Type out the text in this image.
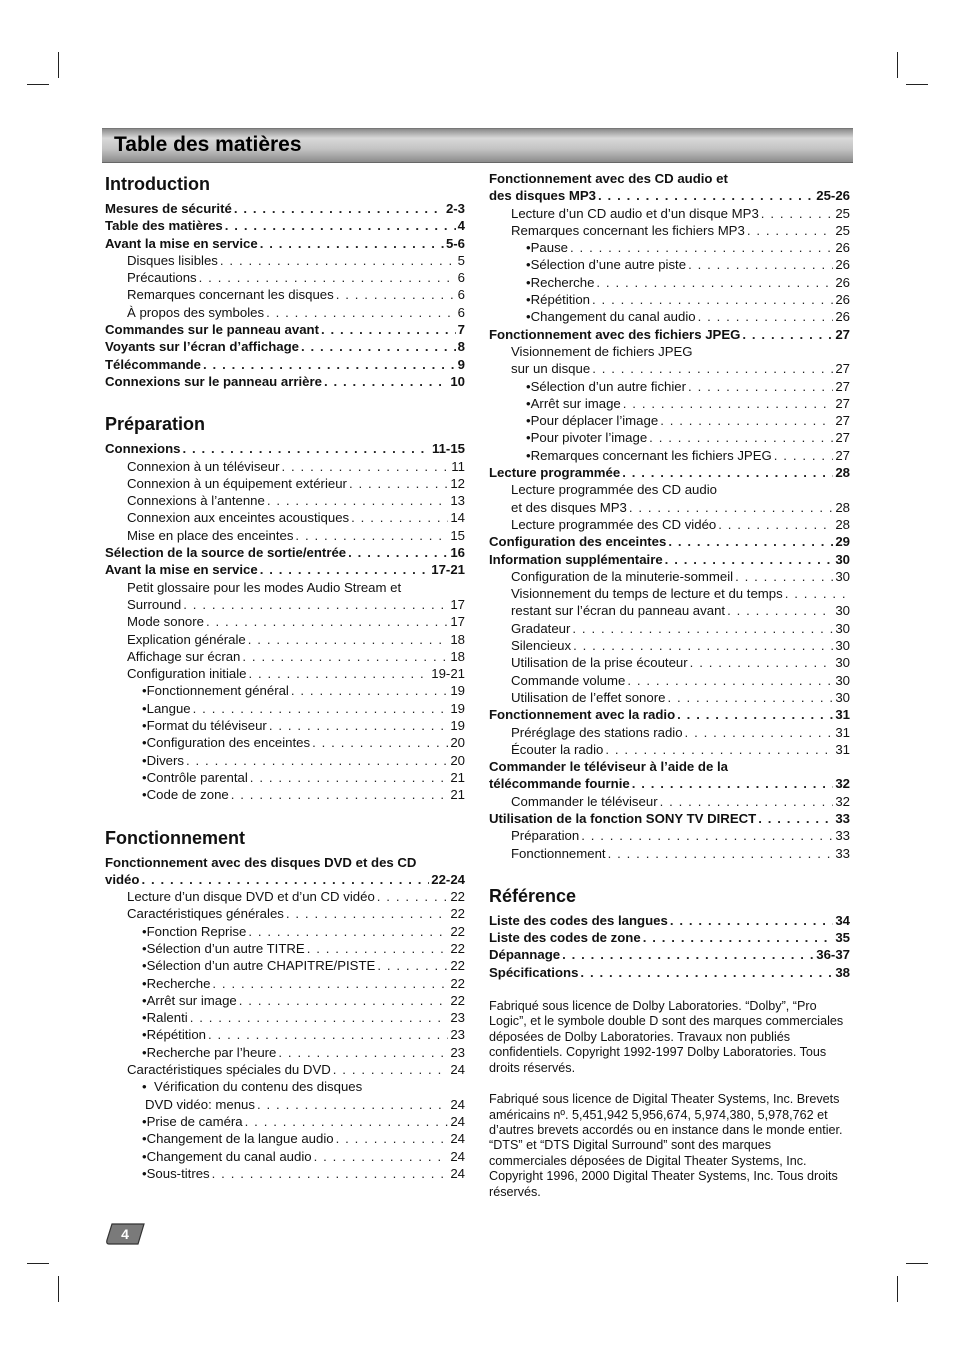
Table des matières
Introduction
Mesures de sécurité . . .	2-3
Table des matières . . .	4
Avant la mise en service . . .	5-6
Disques lisibles . . .	5
Précautions . . .	6
Remarques concernant les disques . . .	6
À propos des symboles . . .	6
Commandes sur le panneau avant . . .	7
Voyants sur l’écran d’affichage . . .	8
Télécommande . . .	9
Connexions sur le panneau arrière . . .	10
Préparation
Connexions . . .	11-15
Connexion à un téléviseur . . .	11
Connexion à un équipement extérieur . . .	12
Connexions à l’antenne . . .	13
Connexion aux enceintes acoustiques . . .	14
Mise en place des enceintes . . .	15
Sélection de la source de sortie/entrée . . .	16
Avant la mise en service . . .	17-21
Petit glossaire pour les modes Audio Stream et
Surround . . .	17
Mode sonore . . .	17
Explication générale . . .	18
Affichage sur écran . . .	18
Configuration initiale . . .	19-21
• Fonctionnement général . . .	19
• Langue . . .	19
• Format du téléviseur . . .	19
• Configuration des enceintes . . .	20
• Divers . . .	20
• Contrôle parental . . .	21
• Code de zone . . .	21
Fonctionnement
Fonctionnement avec des disques DVD et des CD
vidéo . . .	22-24
Lecture d’un disque DVD et d’un CD vidéo . . .	22
Caractéristiques générales . . .	22
• Fonction Reprise . . .	22
• Sélection d’un autre TITRE . . .	22
• Sélection d’un autre CHAPITRE/PISTE . . .	22
• Recherche . . .	22
• Arrêt sur image . . .	22
• Ralenti . . .	23
• Répétition . . .	23
• Recherche par l’heure . . .	23
Caractéristiques spéciales du DVD . . .	24
• Vérification du contenu des disques
DVD vidéo: menus . . .	24
• Prise de caméra . . .	24
• Changement de la langue audio . . .	24
• Changement du canal audio . . .	24
• Sous-titres . . .	24
Fonctionnement avec des CD audio et
des disques MP3 . . .	25-26
Lecture d’un CD audio et d’un disque MP3 . . .	25
Remarques concernant les fichiers MP3 . . .	25
• Pause . . .	26
• Sélection d’une autre piste . . .	26
• Recherche . . .	26
• Répétition . . .	26
• Changement du canal audio . . .	26
Fonctionnement avec des fichiers JPEG . . .	27
Visionnement de fichiers JPEG
sur un disque . . .	27
• Sélection d’un autre fichier . . .	27
• Arrêt sur image . . .	27
• Pour déplacer l’image . . .	27
• Pour pivoter l’image . . .	27
• Remarques concernant les fichiers JPEG . . .	27
Lecture programmée . . .	28
Lecture programmée des CD audio
et des disques MP3 . . .	28
Lecture programmée des CD vidéo . . .	28
Configuration des enceintes . . .	29
Information supplémentaire . . .	30
Configuration de la minuterie-sommeil . . .	30
Visionnement du temps de lecture et du temps
. . .
restant sur l’écran du panneau avant . . .	30
Gradateur . . .	30
Silencieux . . .	30
Utilisation de la prise écouteur . . .	30
Commande volume . . .	30
Utilisation de l’effet sonore . . .	30
Fonctionnement avec la radio . . .	31
Préréglage des stations radio . . .	31
Écouter la radio . . .	31
Commander le téléviseur à l’aide de la
télécommande fournie . . .	32
Commander le téléviseur . . .	32
Utilisation de la fonction SONY TV DIRECT . . .	33
Préparation . . .	33
Fonctionnement . . .	33
Référence
Liste des codes des langues . . .	34
Liste des codes de zone . . .	35
Dépannage . . .	36-37
Spécifications . . .	38

Fabriqué sous licence de Dolby Laboratories. “Dolby”, “Pro Logic”, et le symbole double D sont des marques commerciales déposées de Dolby Laboratories. Travaux non publiés confidentiels. Copyright 1992-1997 Dolby Laboratories. Tous droits réservés.

Fabriqué sous licence de Digital Theater Systems, Inc. Brevets américains nº. 5,451,942 5,956,674, 5,974,380, 5,978,762 et d’autres brevets accordés ou en instance dans le monde entier. “DTS” et “DTS Digital Surround” sont des marques commerciales déposées de Digital Theater Systems, Inc. Copyright 1996, 2000 Digital Theater Systems, Inc. Tous droits réservés.

4
